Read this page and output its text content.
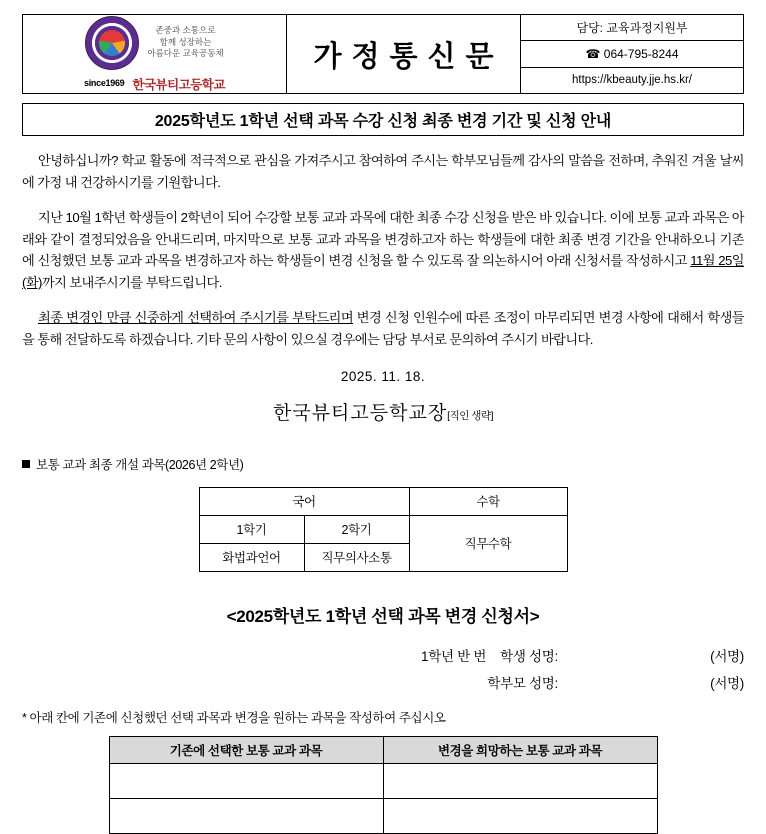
존중과 소통으로
함께 성장하는
아름다운 교육공동체
since1969 한국뷰티고등학교
가정통신문
담당: 교육과정지원부
☎ 064-795-8244
https://kbeauty.jje.hs.kr/
2025학년도 1학년 선택 과목 수강 신청 최종 변경 기간 및 신청 안내

안녕하십니까? 학교 활동에 적극적으로 관심을 가져주시고 참여하여 주시는 학부모님들께 감사의 말씀을 전하며, 추워진 겨울 날씨에 가정 내 건강하시기를 기원합니다.

지난 10월 1학년 학생들이 2학년이 되어 수강할 보통 교과 과목에 대한 최종 수강 신청을 받은 바 있습니다. 이에 보통 교과 과목은 아래와 같이 결정되었음을 안내드리며, 마지막으로 보통 교과 과목을 변경하고자 하는 학생들에 대한 최종 변경 기간을 안내하오니 기존에 신청했던 보통 교과 과목을 변경하고자 하는 학생들이 변경 신청을 할 수 있도록 잘 의논하시어 아래 신청서를 작성하시고 11월 25일(화)까지 보내주시기를 부탁드립니다.

최종 변경인 만큼 신중하게 선택하여 주시기를 부탁드리며 변경 신청 인원수에 따른 조정이 마무리되면 변경 사항에 대해서 학생들을 통해 전달하도록 하겠습니다. 기타 문의 사항이 있으실 경우에는 담당 부서로 문의하여 주시기 바랍니다.

2025. 11. 18.
한국뷰티고등학교장[직인 생략]
보통 교과 최종 개설 과목(2026년 2학년)
국어		수학
1학기	2학기	직무수학
화법과언어	직무의사소통	
<2025학년도 1학년 선택 과목 변경 신청서>
1학년 반 번 학생 성명:	(서명)
학부모 성명:	(서명)
* 아래 칸에 기존에 신청했던 선택 과목과 변경을 원하는 과목을 작성하여 주십시오
기존에 선택한 보통 교과 과목	변경을 희망하는 보통 교과 과목
